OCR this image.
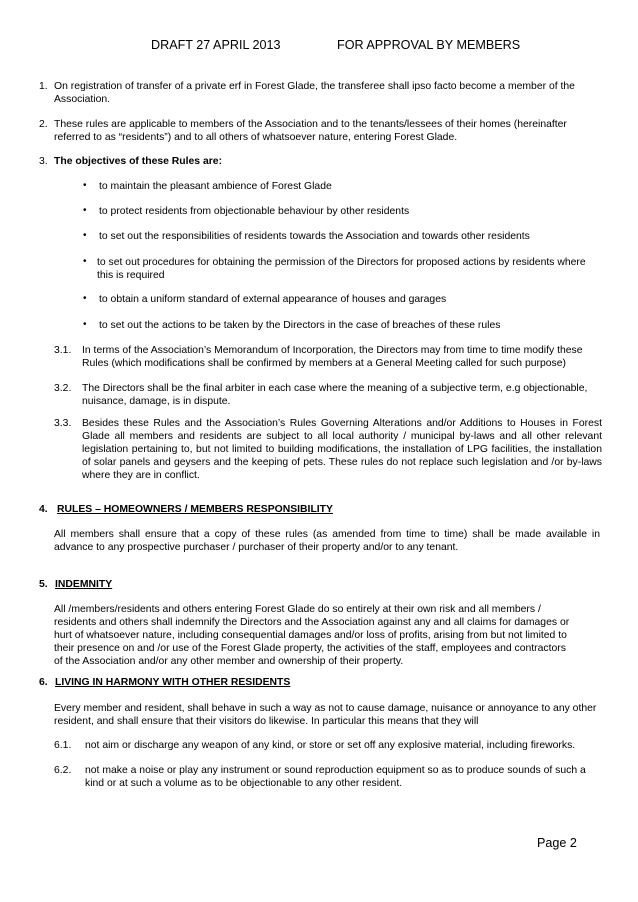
DRAFT 27 APRIL 2013	FOR APPROVAL BY MEMBERS
1. On registration of transfer of a private erf in Forest Glade, the transferee shall ipso facto become a member of the Association.
2. These rules are applicable to members of the Association and to the tenants/lessees of their homes (hereinafter referred to as “residents”) and to all others of whatsoever nature, entering Forest Glade.
3. The objectives of these Rules are:
• to maintain the pleasant ambience of Forest Glade
• to protect residents from objectionable behaviour by other residents
• to set out the responsibilities of residents towards the Association and towards other residents
• to set out procedures for obtaining the permission of the Directors for proposed actions by residents where this is required
• to obtain a uniform standard of external appearance of houses and garages
• to set out the actions to be taken by the Directors in the case of breaches of these rules
3.1. In terms of the Association’s Memorandum of Incorporation, the Directors may from time to time modify these Rules (which modifications shall be confirmed by members at a General Meeting called for such purpose)
3.2. The Directors shall be the final arbiter in each case where the meaning of a subjective term, e.g objectionable, nuisance, damage, is in dispute.
3.3. Besides these Rules and the Association’s Rules Governing Alterations and/or Additions to Houses in Forest Glade all members and residents are subject to all local authority / municipal by-laws and all other relevant legislation pertaining to, but not limited to building modifications, the installation of LPG facilities, the installation of solar panels and geysers and the keeping of pets. These rules do not replace such legislation and /or by-laws where they are in conflict.
4. RULES – HOMEOWNERS / MEMBERS RESPONSIBILITY
All members shall ensure that a copy of these rules (as amended from time to time) shall be made available in advance to any prospective purchaser / purchaser of their property and/or to any tenant.
5. INDEMNITY
All /members/residents and others entering Forest Glade do so entirely at their own risk and all members /
residents and others shall indemnify the Directors and the Association against any and all claims for damages or
hurt of whatsoever nature, including consequential damages and/or loss of profits, arising from but not limited to
their presence on and /or use of the Forest Glade property, the activities of the staff, employees and contractors
of the Association and/or any other member and ownership of their property.
6. LIVING IN HARMONY WITH OTHER RESIDENTS
Every member and resident, shall behave in such a way as not to cause damage, nuisance or annoyance to any other resident, and shall ensure that their visitors do likewise. In particular this means that they will
6.1. not aim or discharge any weapon of any kind, or store or set off any explosive material, including fireworks.
6.2. not make a noise or play any instrument or sound reproduction equipment so as to produce sounds of such a kind or at such a volume as to be objectionable to any other resident.
Page 2
